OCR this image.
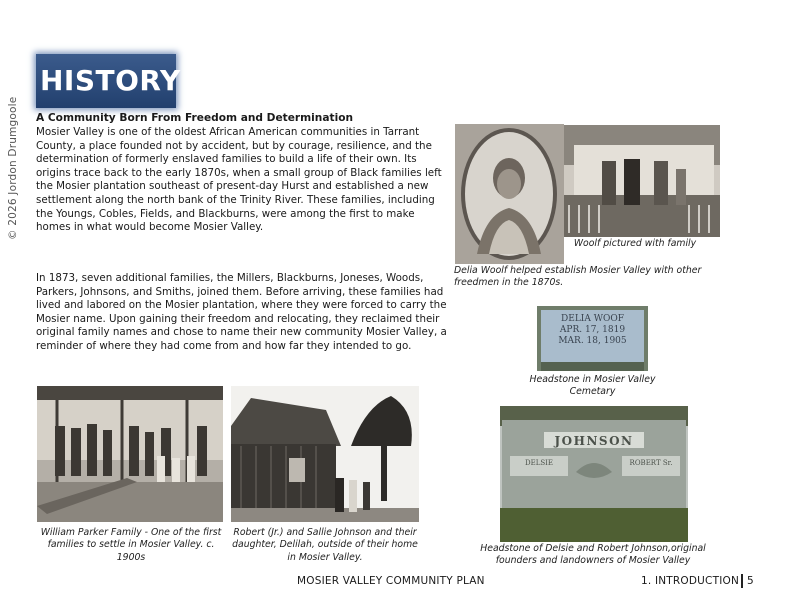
© 2026 Jordon Drumgoole
HISTORY
A Community Born From Freedom and Determination
Mosier Valley is one of the oldest African American communities in Tarrant County, a place founded not by accident, but by courage, resilience, and the determination of formerly enslaved families to build a life of their own. Its origins trace back to the early 1870s, when a small group of Black families left the Mosier plantation southeast of present-day Hurst and established a new settlement along the north bank of the Trinity River. These families, including the Youngs, Cobles, Fields, and Blackburns, were among the first to make homes in what would become Mosier Valley.
In 1873, seven additional families, the Millers, Blackburns, Joneses, Woods, Parkers, Johnsons, and Smiths, joined them. Before arriving, these families had lived and labored on the Mosier plantation, where they were forced to carry the Mosier name. Upon gaining their freedom and relocating, they reclaimed their original family names and chose to name their new community Mosier Valley, a reminder of where they had come from and how far they intended to go.
Woolf pictured with family
Delia Woolf helped establish Mosier Valley with other freedmen in the 1870s.
DELIA WOOF
APR. 17, 1819
MAR. 18, 1905
Headstone in Mosier Valley Cemetary
William Parker Family - One of the first families to settle in Mosier Valley. c. 1900s
Robert (Jr.) and Sallie Johnson and their daughter, Delilah, outside of their home in Mosier Valley.
JOHNSON
DELSIE	ROBERT Sr.
Headstone of Delsie and Robert Johnson,original founders and landowners of Mosier Valley
MOSIER VALLEY COMMUNITY PLAN	1. INTRODUCTION 5
